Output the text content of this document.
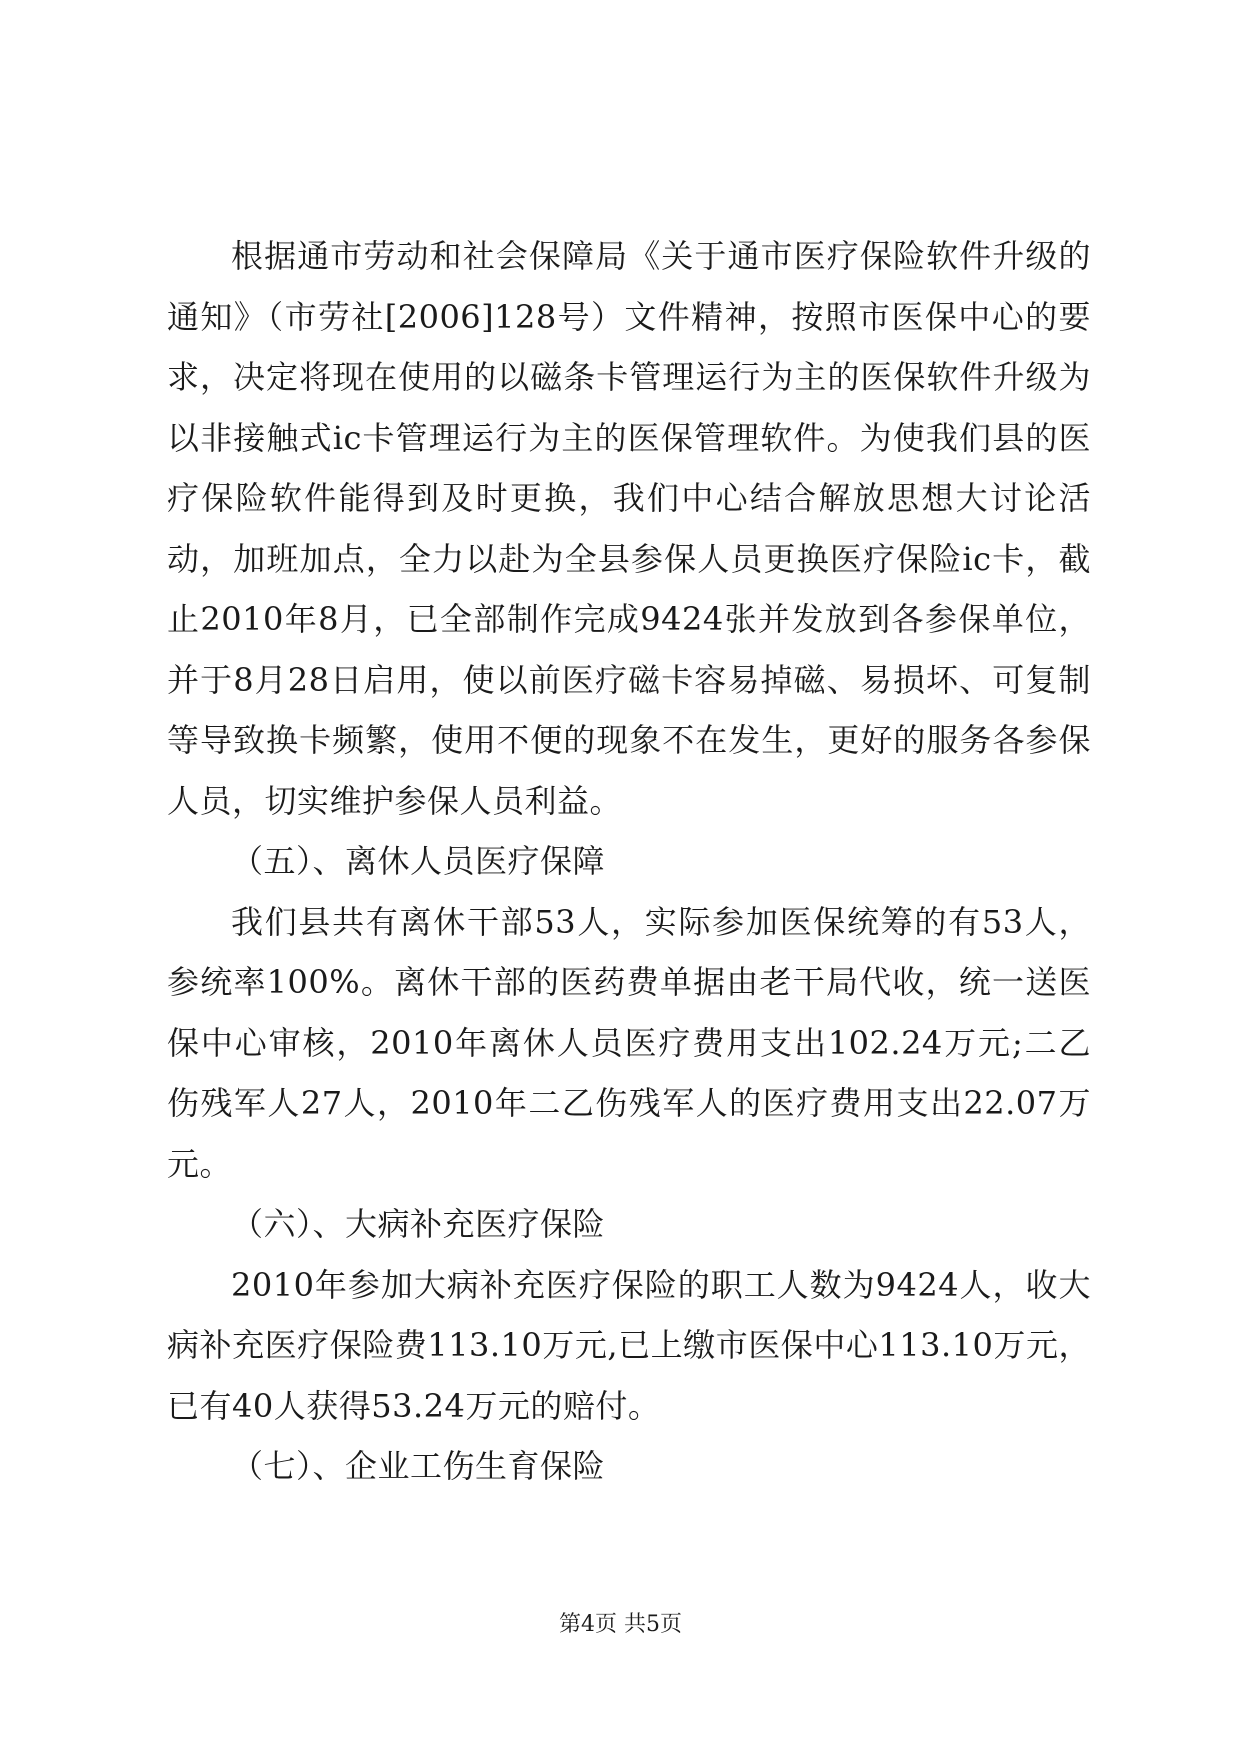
根据通市劳动和社会保障局《关于通市医疗保险软件升级的通知》（市劳社[2006]128号）文件精神，按照市医保中心的要求，决定将现在使用的以磁条卡管理运行为主的医保软件升级为以非接触式ic卡管理运行为主的医保管理软件。为使我们县的医疗保险软件能得到及时更换，我们中心结合解放思想大讨论活动，加班加点，全力以赴为全县参保人员更换医疗保险ic卡，截止2010年8月，已全部制作完成9424张并发放到各参保单位，并于8月28日启用，使以前医疗磁卡容易掉磁、易损坏、可复制等导致换卡频繁，使用不便的现象不在发生，更好的服务各参保人员，切实维护参保人员利益。

（五）、离休人员医疗保障

我们县共有离休干部53人，实际参加医保统筹的有53人，参统率100%。离休干部的医药费单据由老干局代收，统一送医保中心审核，2010年离休人员医疗费用支出102.24万元;二乙伤残军人27人，2010年二乙伤残军人的医疗费用支出22.07万元。

（六）、大病补充医疗保险

2010年参加大病补充医疗保险的职工人数为9424人，收大病补充医疗保险费113.10万元,已上缴市医保中心113.10万元，已有40人获得53.24万元的赔付。

（七）、企业工伤生育保险

第4页 共5页
